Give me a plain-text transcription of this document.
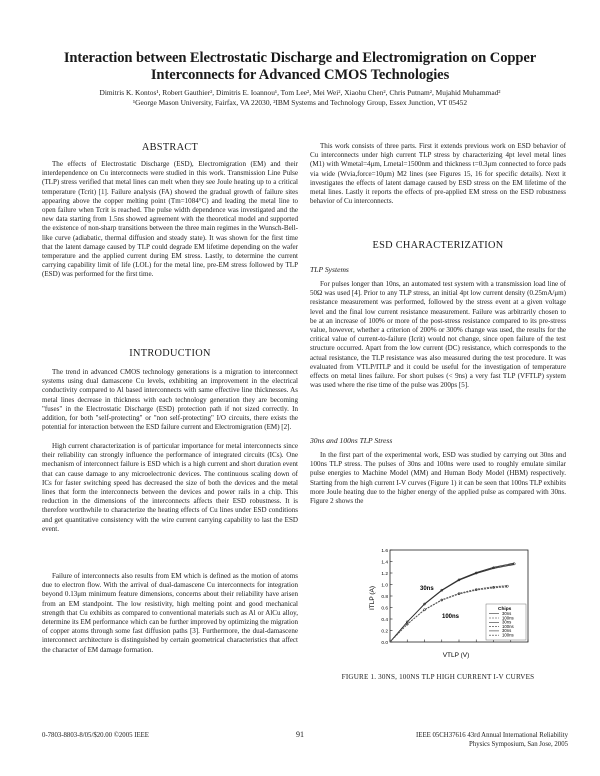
Interaction between Electrostatic Discharge and Electromigration on Copper
Interconnects for Advanced CMOS Technologies
Dimitris K. Kontos¹, Robert Gauthier², Dimitris E. Ioannou¹, Tom Lee², Mei Wei², Xiaohu Chen², Chris Putnam², Mujahid Muhammad²
¹George Mason University, Fairfax, VA 22030, ²IBM Systems and Technology Group, Essex Junction, VT 05452
ABSTRACT

The effects of Electrostatic Discharge (ESD), Electromigration (EM) and their interdependence on Cu interconnects were studied in this work. Transmission Line Pulse (TLP) stress verified that metal lines can melt when they see Joule heating up to a critical temperature (Tcrit) [1]. Failure analysis (FA) showed the gradual growth of failure sites appearing above the copper melting point (Tm=1084°C) and leading the metal line to open failure when Tcrit is reached. The pulse width dependence was investigated and the new data starting from 1.5ns showed agreement with the theoretical model and supported the existence of non-sharp transitions between the three main regimes in the Wunsch-Bell-like curve (adiabatic, thermal diffusion and steady state). It was shown for the first time that the latent damage caused by TLP could degrade EM lifetime depending on the wafer temperature and the applied current during EM stress. Lastly, to determine the current carrying capability limit of life (LOL) for the metal line, pre-EM stress followed by TLP (ESD) was performed for the first time.

INTRODUCTION

The trend in advanced CMOS technology generations is a migration to interconnect systems using dual damascene Cu levels, exhibiting an improvement in the electrical conductivity compared to Al based interconnects with same effective line thicknesses. As metal lines decrease in thickness with each technology generation they are becoming "fuses" in the Electrostatic Discharge (ESD) protection path if not sized correctly. In addition, for both "self-protecting" or "non self-protecting" I/O circuits, there exists the potential for interaction between the ESD failure current and Electromigration (EM) [2].

High current characterization is of particular importance for metal interconnects since their reliability can strongly influence the performance of integrated circuits (ICs). One mechanism of interconnect failure is ESD which is a high current and short duration event that can cause damage to any microelectronic devices. The continuous scaling down of ICs for faster switching speed has decreased the size of both the devices and the metal lines that form the interconnects between the devices and power rails in a chip. This reduction in the dimensions of the interconnects affects their ESD robustness. It is therefore worthwhile to characterize the heating effects of Cu lines under ESD conditions and get quantitative consistency with the wire current carrying capability to last the ESD event.

Failure of interconnects also results from EM which is defined as the motion of atoms due to electron flow. With the arrival of dual-damascene Cu interconnects for integration beyond 0.13μm minimum feature dimensions, concerns about their reliability have arisen from an EM standpoint. The low resistivity, high melting point and good mechanical strength that Cu exhibits as compared to conventional materials such as Al or AlCu alloy, determine its EM performance which can be further improved by optimizing the migration of copper atoms through some fast diffusion paths [3]. Furthermore, the dual-damascene interconnect architecture is distinguished by certain geometrical characteristics that affect the character of EM damage formation.

This work consists of three parts. First it extends previous work on ESD behavior of Cu interconnects under high current TLP stress by characterizing 4pt level metal lines (M1) with Wmetal=4μm, Lmetal=1500nm and thickness t=0.3μm connected to force pads via wide (Wvia,force=10μm) M2 lines (see Figures 15, 16 for specific details). Next it investigates the effects of latent damage caused by ESD stress on the EM lifetime of the metal lines. Lastly it reports the effects of pre-applied EM stress on the ESD robustness behavior of Cu interconnects.

ESD CHARACTERIZATION
TLP Systems

For pulses longer than 10ns, an automated test system with a transmission load line of 50Ω was used [4]. Prior to any TLP stress, an initial 4pt low current density (0.25mA/μm) resistance measurement was performed, followed by the stress event at a given voltage level and the final low current resistance measurement. Failure was arbitrarily chosen to be at an increase of 100% or more of the post-stress resistance compared to its pre-stress value, however, whether a criterion of 200% or 300% change was used, the results for the critical value of current-to-failure (Icrit) would not change, since open failure of the test structure occurred. Apart from the low current (DC) resistance, which corresponds to the actual resistance, the TLP resistance was also measured during the test procedure. It was evaluated from VTLP/ITLP and it could be useful for the investigation of temperature effects on metal lines failure. For short pulses (< 9ns) a very fast TLP (VFTLP) system was used where the rise time of the pulse was 200ps [5].

30ns and 100ns TLP Stress

In the first part of the experimental work, ESD was studied by carrying out 30ns and 100ns TLP stress. The pulses of 30ns and 100ns were used to roughly emulate similar pulse energies to Machine Model (MM) and Human Body Model (HBM) respectively. Starting from the high current I-V curves (Figure 1) it can be seen that 100ns TLP exhibits more Joule heating due to the higher energy of the applied pulse as compared with 30ns. Figure 2 shows the

0.0
0.2
0.4
0.6
0.8
1.0
1.2
1.4
1.6
ITLP (A)
VTLP (V)
30ns
100ns
Chips
30ns
100ns
30ns
100ns
30ns
100ns
FIGURE 1. 30NS, 100NS TLP HIGH CURRENT I-V CURVES
0-7803-8803-8/05/$20.00 ©2005 IEEE	91	IEEE 05CH37616 43rd Annual International Reliability
Physics Symposium, San Jose, 2005
